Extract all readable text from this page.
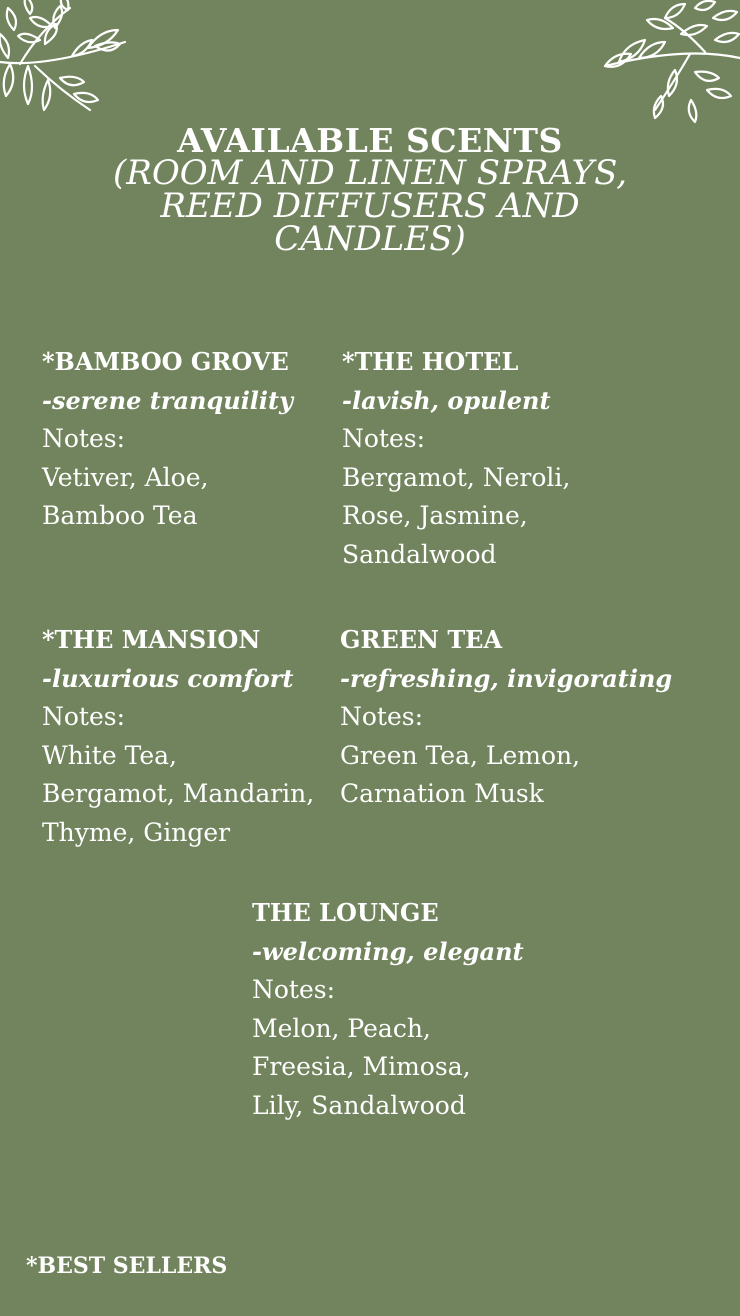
AVAILABLE SCENTS
(ROOM AND LINEN SPRAYS,
REED DIFFUSERS AND
CANDLES)
*BAMBOO GROVE
-serene tranquility
Notes:
Vetiver, Aloe,
Bamboo Tea
*THE HOTEL
-lavish, opulent
Notes:
Bergamot, Neroli,
Rose, Jasmine,
Sandalwood
*THE MANSION
-luxurious comfort
Notes:
White Tea,
Bergamot, Mandarin,
Thyme, Ginger
GREEN TEA
-refreshing, invigorating
Notes:
Green Tea, Lemon,
Carnation Musk
THE LOUNGE
-welcoming, elegant
Notes:
Melon, Peach,
Freesia, Mimosa,
Lily, Sandalwood
*BEST SELLERS
